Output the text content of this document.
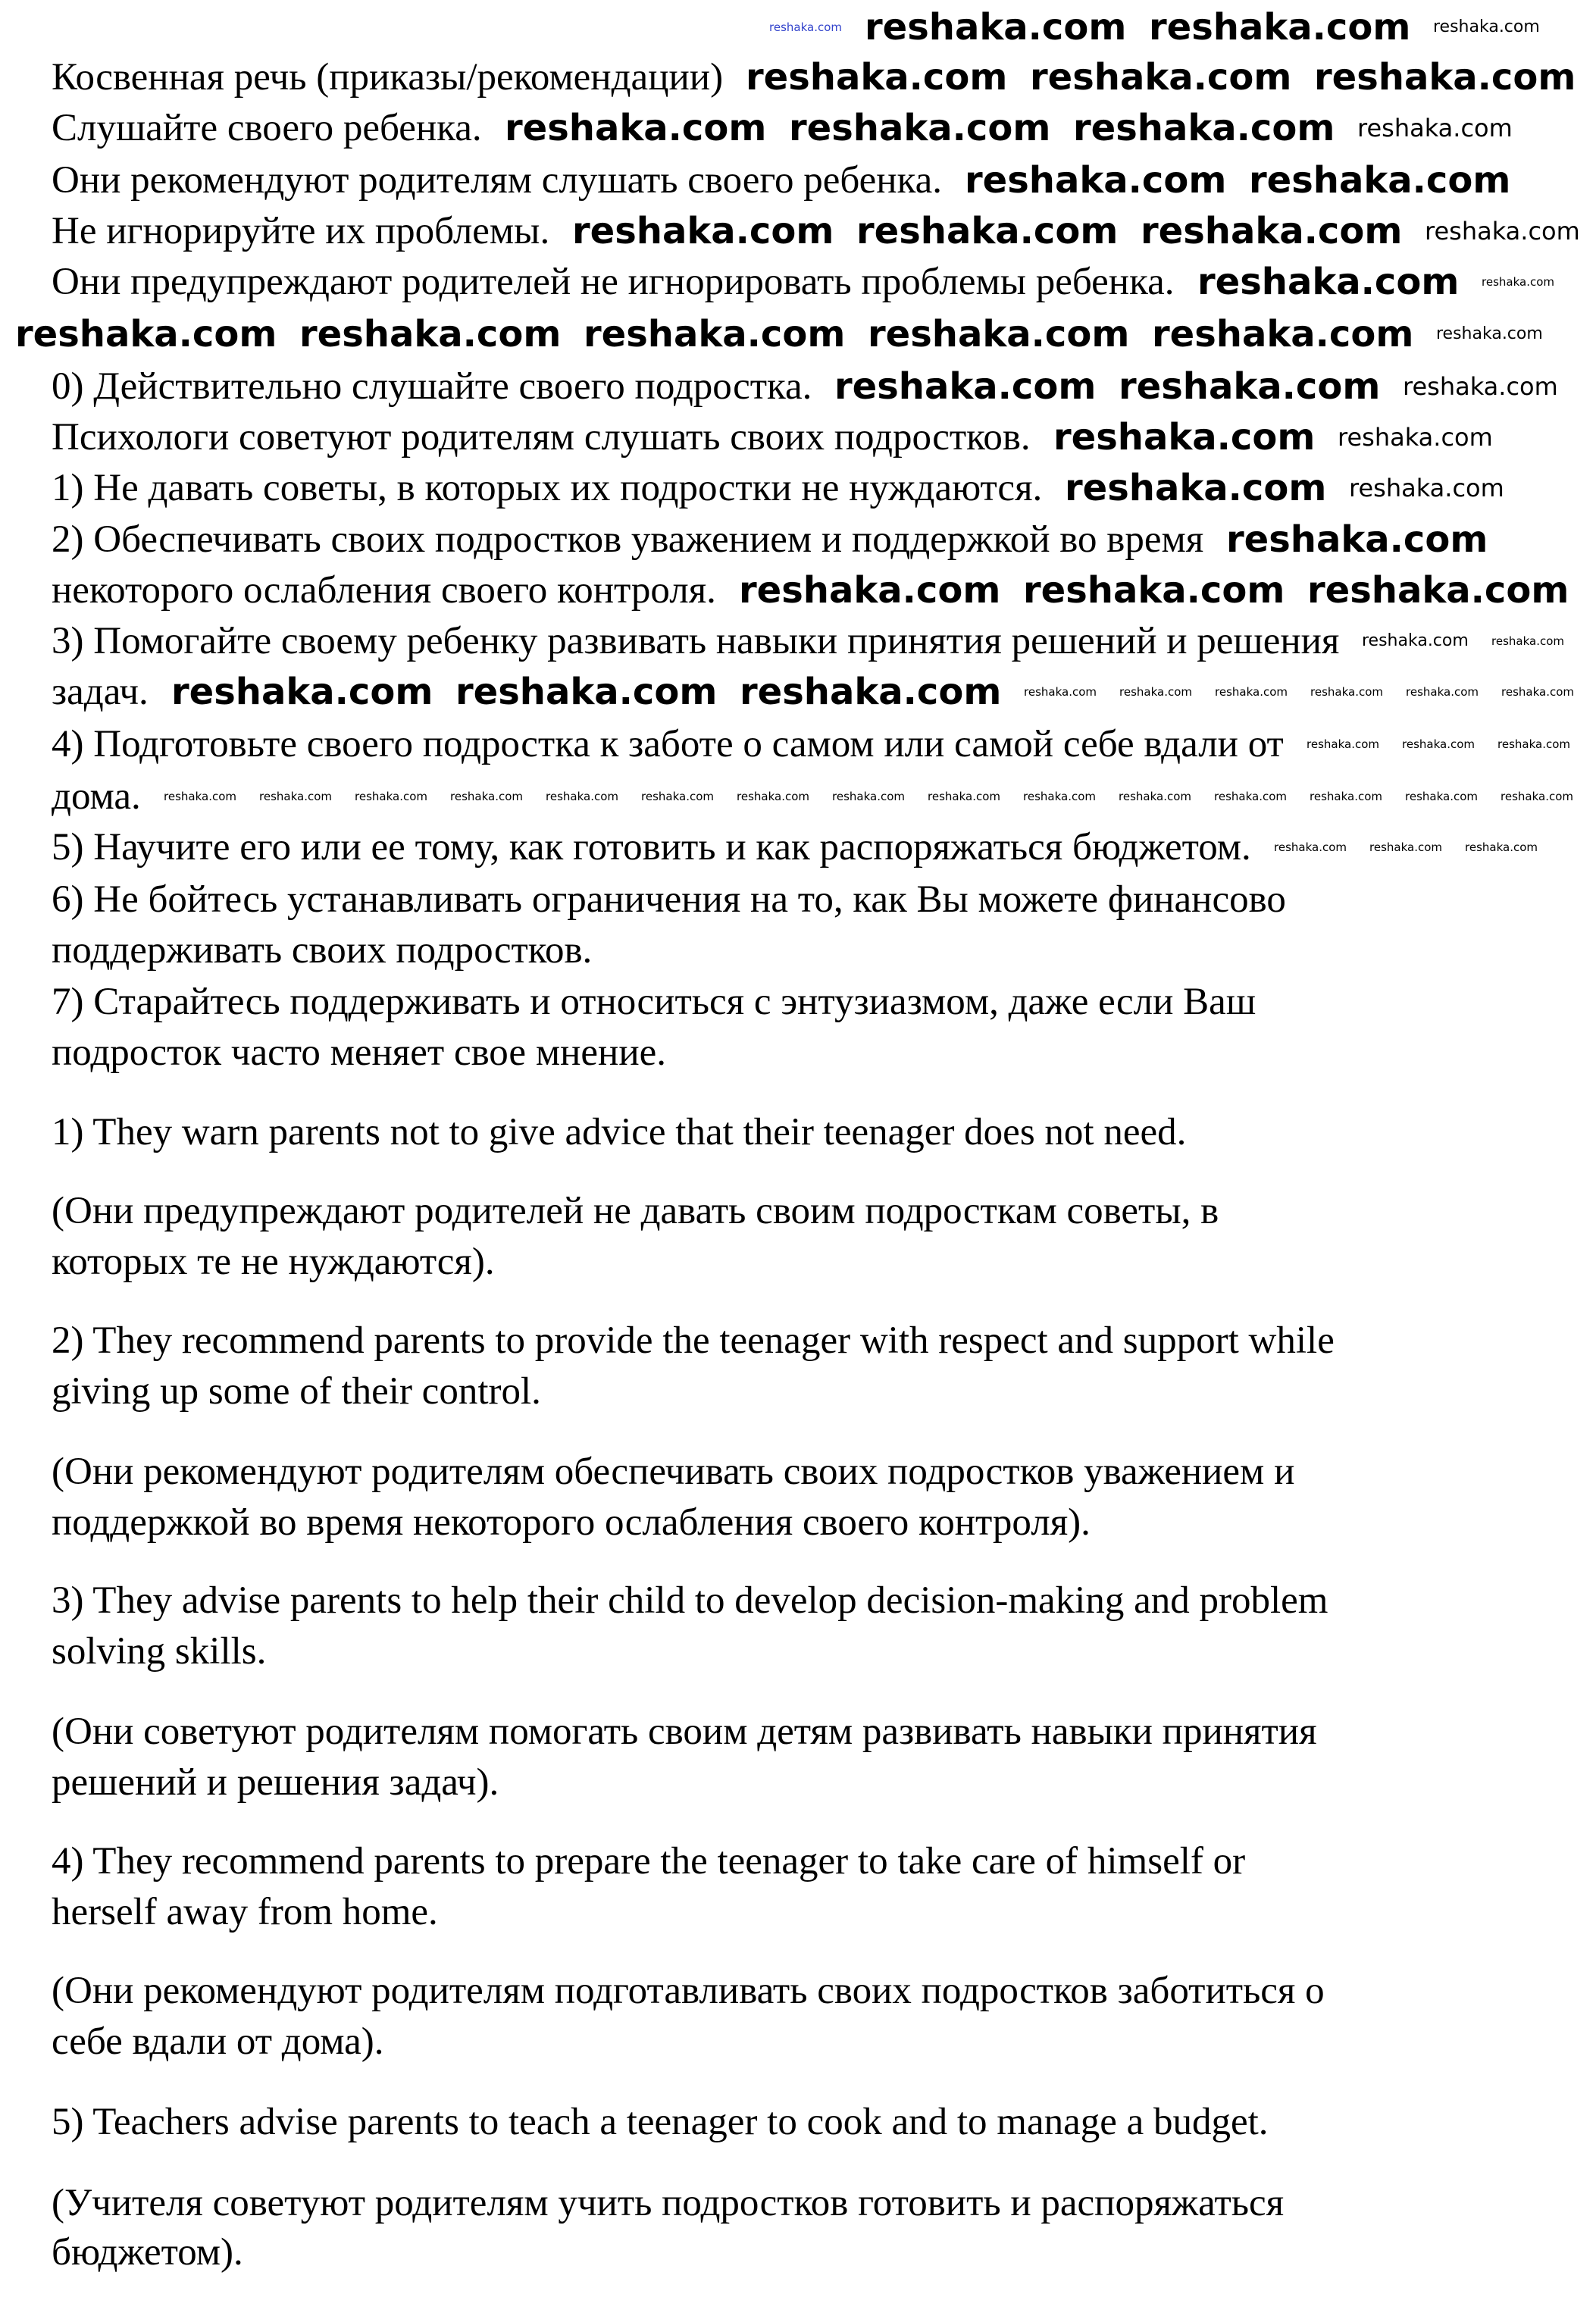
Косвенная речь (приказы/рекомендации)
Слушайте своего ребенка.
Они рекомендуют родителям слушать своего ребенка.
Не игнорируйте их проблемы.
Они предупреждают родителей не игнорировать проблемы ребенка.
0) Действительно слушайте своего подростка.
Психологи советуют родителям слушать своих подростков.
1) Не давать советы, в которых их подростки не нуждаются.
2) Обеспечивать своих подростков уважением и поддержкой во время
некоторого ослабления своего контроля.
3) Помогайте своему ребенку развивать навыки принятия решений и решения
задач.
4) Подготовьте своего подростка к заботе о самом или самой себе вдали от
дома.
5) Научите его или ее тому, как готовить и как распоряжаться бюджетом.
6) Не бойтесь устанавливать ограничения на то, как Вы можете финансово
поддерживать своих подростков.
7) Старайтесь поддерживать и относиться с энтузиазмом, даже если Ваш
подросток часто меняет свое мнение.
1) They warn parents not to give advice that their teenager does not need.
(Они предупреждают родителей не давать своим подросткам советы, в
которых те не нуждаются).
2) They recommend parents to provide the teenager with respect and support while
giving up some of their control.
(Они рекомендуют родителям обеспечивать своих подростков уважением и
поддержкой во время некоторого ослабления своего контроля).
3) They advise parents to help their child to develop decision-making and problem
solving skills.
(Они советуют родителям помогать своим детям развивать навыки принятия
решений и решения задач).
4) They recommend parents to prepare the teenager to take care of himself or
herself away from home.
(Они рекомендуют родителям подготавливать своих подростков заботиться о
себе вдали от дома).
5) Teachers advise parents to teach a teenager to cook and to manage a budget.
(Учителя советуют родителям учить подростков готовить и распоряжаться
бюджетом).
reshaka.com reshaka.com reshaka.com
reshaka.com reshaka.com reshaka.com
reshaka.com reshaka.com reshaka.com
reshaka.com reshaka.com
reshaka.com reshaka.com reshaka.com
reshaka.com
reshaka.com reshaka.com reshaka.com reshaka.com reshaka.com
reshaka.com reshaka.com
reshaka.com
reshaka.com
reshaka.com
reshaka.com reshaka.com reshaka.com
reshaka.com reshaka.com reshaka.com
reshaka.com
reshaka.com
reshaka.com
reshaka.com
reshaka.com
reshaka.com
reshaka.com
reshaka.com
reshaka.com
reshaka.com
reshaka.com reshaka.com reshaka.com reshaka.com reshaka.com reshaka.com
reshaka.com reshaka.com reshaka.com
reshaka.com reshaka.com reshaka.com reshaka.com reshaka.com reshaka.com reshaka.com reshaka.com reshaka.com reshaka.com reshaka.com reshaka.com reshaka.com reshaka.com reshaka.com
reshaka.com reshaka.com reshaka.com
